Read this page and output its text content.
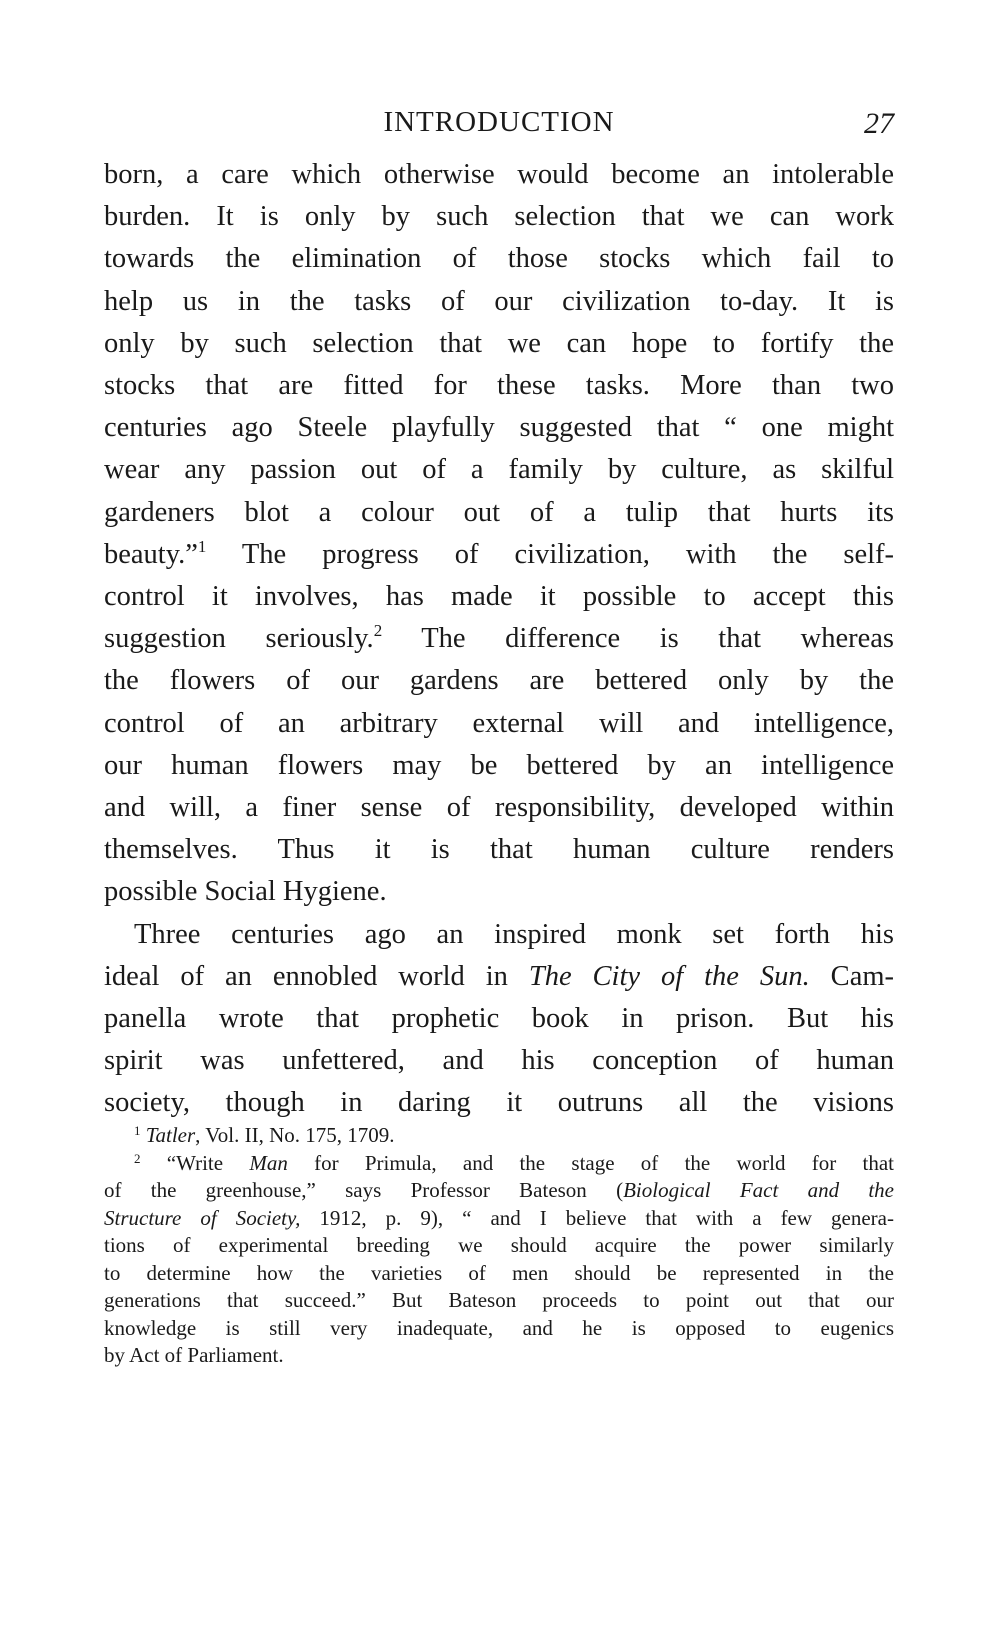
INTRODUCTION	27

born, a care which otherwise would become an intolerable
burden. It is only by such selection that we can work
towards the elimination of those stocks which fail to
help us in the tasks of our civilization to-day. It is
only by such selection that we can hope to fortify the
stocks that are fitted for these tasks. More than two
centuries ago Steele playfully suggested that “ one might
wear any passion out of a family by culture, as skilful
gardeners blot a colour out of a tulip that hurts its
beauty.”$^1$ The progress of civilization, with the self-
control it involves, has made it possible to accept this
suggestion seriously.$^2$ The difference is that whereas
the flowers of our gardens are bettered only by the
control of an arbitrary external will and intelligence,
our human flowers may be bettered by an intelligence
and will, a finer sense of responsibility, developed within
themselves. Thus it is that human culture renders
possible Social Hygiene.

Three centuries ago an inspired monk set forth his
ideal of an ennobled world in The City of the Sun. Cam-
panella wrote that prophetic book in prison. But his
spirit was unfettered, and his conception of human
society, though in daring it outruns all the visions

$^1$ Tatler, Vol. II, No. 175, 1709.
$^2$ “Write Man for Primula, and the stage of the world for that
of the greenhouse,” says Professor Bateson (Biological Fact and the
Structure of Society, 1912, p. 9), “ and I believe that with a few genera-
tions of experimental breeding we should acquire the power similarly
to determine how the varieties of men should be represented in the
generations that succeed.” But Bateson proceeds to point out that our
knowledge is still very inadequate, and he is opposed to eugenics
by Act of Parliament.
